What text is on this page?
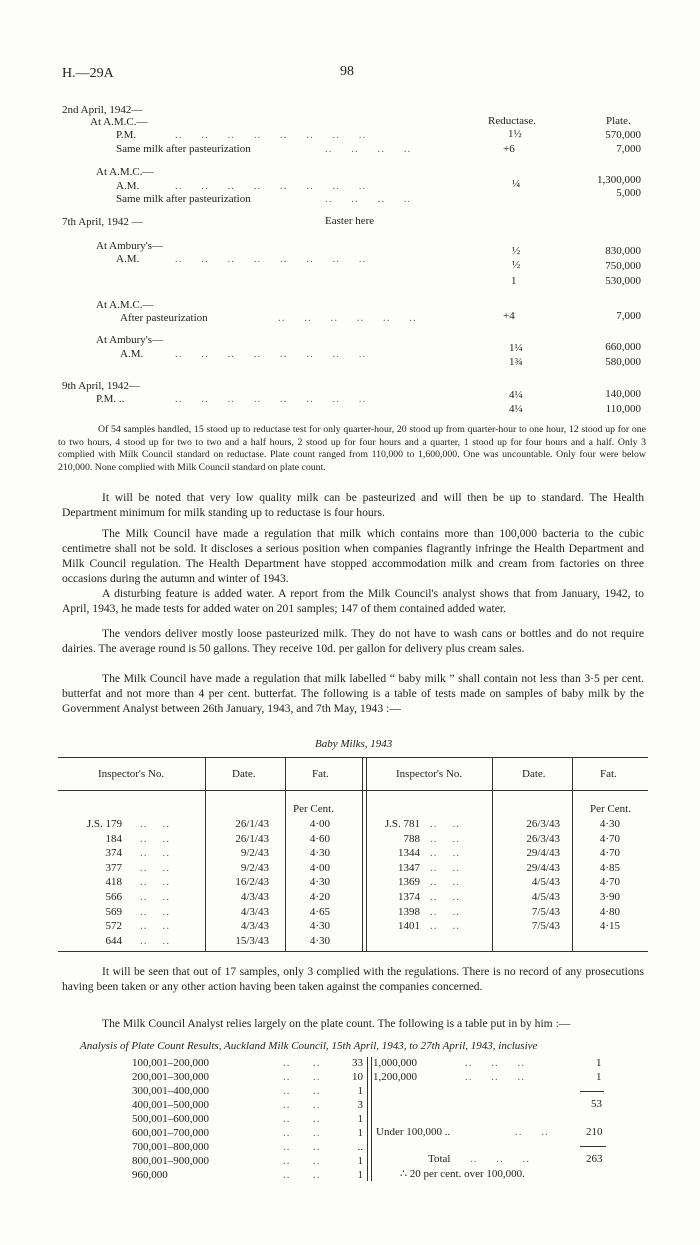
H.—29A	98
Reductase.	Plate.
2nd April, 1942—
At A.M.C.—
P.M.	..     ..     ..     ..     ..     ..     ..     ..	1½	570,000
Same milk after pasteurization	..     ..     ..     ..	+6	7,000
At A.M.C.—
A.M.	..     ..     ..     ..     ..     ..     ..     ..	¼	1,300,000
Same milk after pasteurization	..     ..     ..     ..	5,000
7th April, 1942 —	Easter here
At Ambury's—
A.M.	..     ..     ..     ..     ..     ..     ..     ..
½	830,000
½	750,000
1	530,000
At A.M.C.—
After pasteurization	..     ..     ..     ..     ..     ..	+4	7,000
At Ambury's—
A.M.	..     ..     ..     ..     ..     ..     ..     ..	1¼	660,000
1¾	580,000
9th April, 1942—
P.M. ..	..     ..     ..     ..     ..     ..     ..     ..	4¼	140,000
4¼	110,000
Of 54 samples handled, 15 stood up to reductase test for only quarter-hour, 20 stood up from quarter-hour to one hour, 12 stood up for one to two hours, 4 stood up for two to two and a half hours, 2 stood up for four hours and a quarter, 1 stood up for four hours and a half. Only 3 complied with Milk Council standard on reductase. Plate count ranged from 110,000 to 1,600,000. One was uncountable. Only four were below 210,000. None complied with Milk Council standard on plate count.
It will be noted that very low quality milk can be pasteurized and will then be up to standard. The Health Department minimum for milk standing up to reductase is four hours.
The Milk Council have made a regulation that milk which contains more than 100,000 bacteria to the cubic centimetre shall not be sold. It discloses a serious position when companies flagrantly infringe the Health Department and Milk Council regulation. The Health Department have stopped accommodation milk and cream from factories on three occasions during the autumn and winter of 1943.
A disturbing feature is added water. A report from the Milk Council's analyst shows that from January, 1942, to April, 1943, he made tests for added water on 201 samples; 147 of them contained added water.
The vendors deliver mostly loose pasteurized milk. They do not have to wash cans or bottles and do not require dairies. The average round is 50 gallons. They receive 10d. per gallon for delivery plus cream sales.
The Milk Council have made a regulation that milk labelled “ baby milk ” shall contain not less than 3·5 per cent. butterfat and not more than 4 per cent. butterfat. The following is a table of tests made on samples of baby milk by the Government Analyst between 26th January, 1943, and 7th May, 1943 :—
Baby Milks, 1943
Inspector's No.	Date.	Fat.	Inspector's No.	Date.	Fat.
Per Cent.	Per Cent.
J.S. 179 ..    ..	26/1/43	4·00
184 ..    ..	26/1/43	4·60
374 ..    ..	9/2/43	4·30
377 ..    ..	9/2/43	4·00
418 ..    ..	16/2/43	4·30
566 ..    ..	4/3/43	4·20
569 ..    ..	4/3/43	4·65
572 ..    ..	4/3/43	4·30
644 ..    ..	15/3/43	4·30
J.S. 781 ..    ..	26/3/43	4·30
788 ..    ..	26/3/43	4·70
1344 ..    ..	29/4/43	4·70
1347 ..    ..	29/4/43	4·85
1369 ..    ..	4/5/43	4·70
1374 ..    ..	4/5/43	3·90
1398 ..    ..	7/5/43	4·80
1401 ..    ..	7/5/43	4·15
It will be seen that out of 17 samples, only 3 complied with the regulations. There is no record of any prosecutions having been taken or any other action having been taken against the companies concerned.
The Milk Council Analyst relies largely on the plate count. The following is a table put in by him :—
Analysis of Plate Count Results, Auckland Milk Council, 15th April, 1943, to 27th April, 1943, inclusive
100,001–200,000	..      ..	33
200,001–300,000	..      ..	10
300,001–400,000	..      ..	1
400,001–500,000	..      ..	3
500,001–600,000	..      ..	1
600,001–700,000	..      ..	1
700,001–800,000	..      ..	..
800,001–900,000	..      ..	1
960,000	..      ..	1
1,000,000	..     ..     ..	1
1,200,000	..     ..     ..	1
53
Under 100,000 ..	..     ..	210
Total ..     ..     ..	263
∴ 20 per cent. over 100,000.
